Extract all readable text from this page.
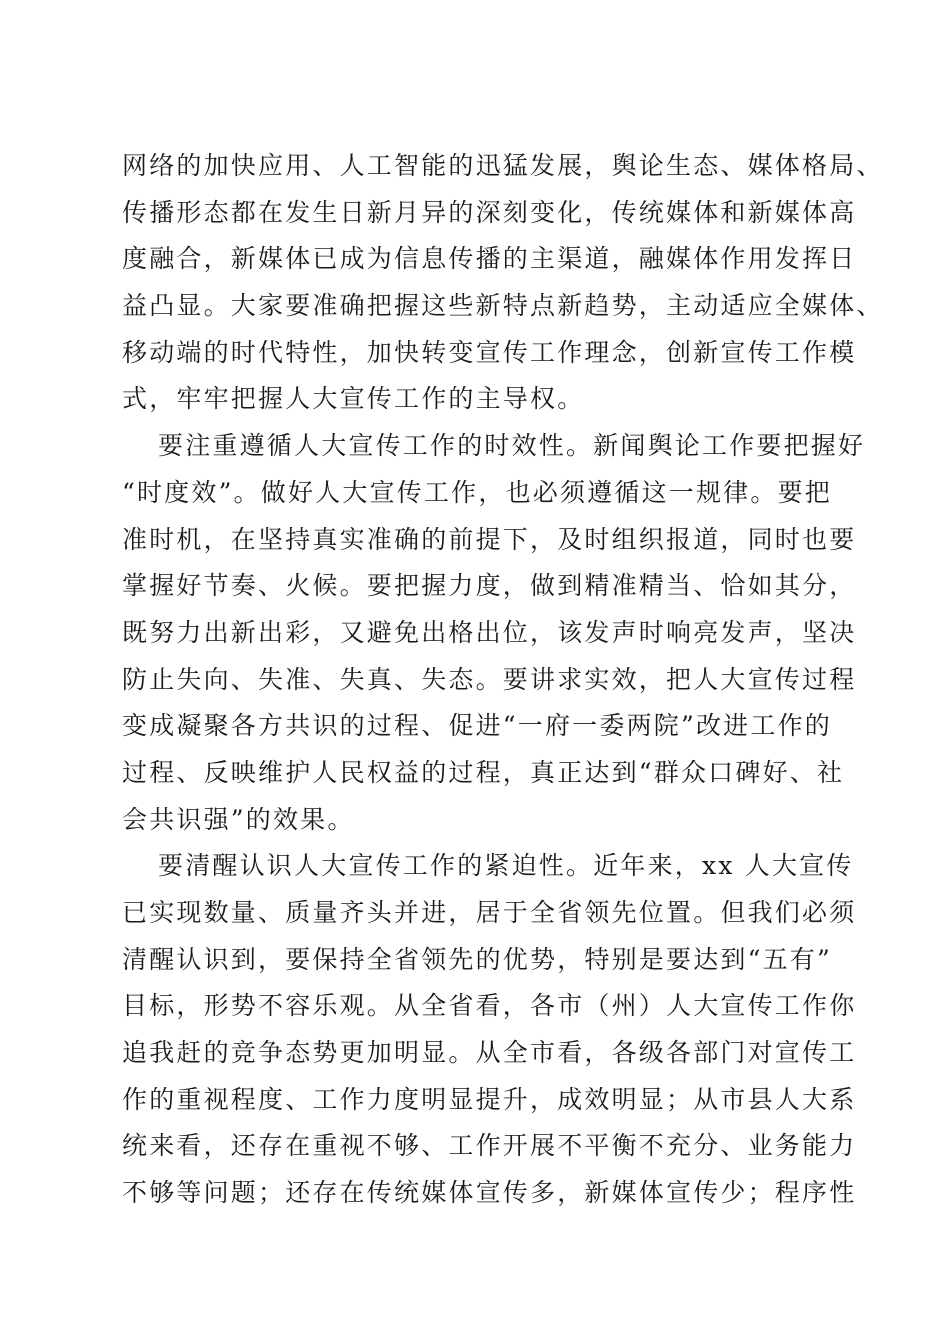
网络的加快应用、人工智能的迅猛发展，舆论生态、媒体格局、
传播形态都在发生日新月异的深刻变化，传统媒体和新媒体高
度融合，新媒体已成为信息传播的主渠道，融媒体作用发挥日
益凸显。大家要准确把握这些新特点新趋势，主动适应全媒体、
移动端的时代特性，加快转变宣传工作理念，创新宣传工作模
式，牢牢把握人大宣传工作的主导权。
要注重遵循人大宣传工作的时效性。新闻舆论工作要把握好
“时度效”。做好人大宣传工作，也必须遵循这一规律。要把
准时机，在坚持真实准确的前提下，及时组织报道，同时也要
掌握好节奏、火候。要把握力度，做到精准精当、恰如其分，
既努力出新出彩，又避免出格出位，该发声时响亮发声，坚决
防止失向、失准、失真、失态。要讲求实效，把人大宣传过程
变成凝聚各方共识的过程、促进“一府一委两院”改进工作的
过程、反映维护人民权益的过程，真正达到“群众口碑好、社
会共识强”的效果。
要清醒认识人大宣传工作的紧迫性。近年来，xx 人大宣传
已实现数量、质量齐头并进，居于全省领先位置。但我们必须
清醒认识到，要保持全省领先的优势，特别是要达到“五有”
目标，形势不容乐观。从全省看，各市（州）人大宣传工作你
追我赶的竞争态势更加明显。从全市看，各级各部门对宣传工
作的重视程度、工作力度明显提升，成效明显；从市县人大系
统来看，还存在重视不够、工作开展不平衡不充分、业务能力
不够等问题；还存在传统媒体宣传多，新媒体宣传少；程序性
